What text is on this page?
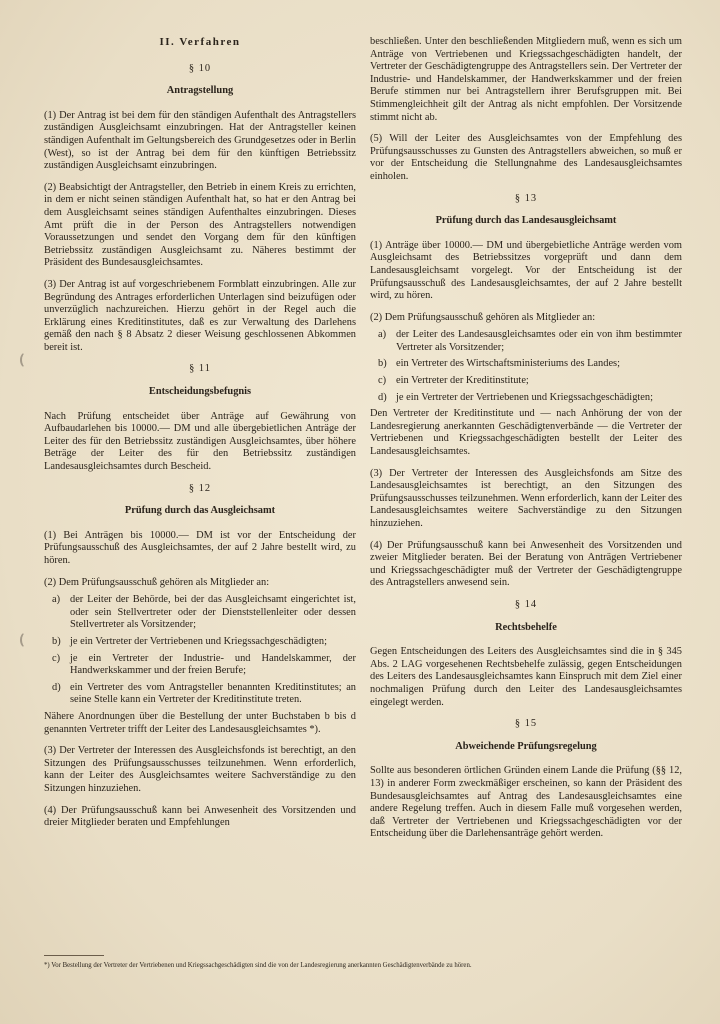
II. Verfahren
§ 10
Antragstellung

(1) Der Antrag ist bei dem für den ständigen Aufenthalt des Antragstellers zuständigen Ausgleichsamt einzubringen. Hat der Antragsteller keinen ständigen Aufenthalt im Geltungsbereich des Grundgesetzes oder in Berlin (West), so ist der Antrag bei dem für den künftigen Betriebssitz zuständigen Ausgleichsamt einzubringen.

(2) Beabsichtigt der Antragsteller, den Betrieb in einem Kreis zu errichten, in dem er nicht seinen ständigen Aufenthalt hat, so hat er den Antrag bei dem Ausgleichsamt seines ständigen Aufenthaltes einzubringen. Dieses Amt prüft die in der Person des Antragstellers notwendigen Voraussetzungen und sendet den Vorgang dem für den künftigen Betriebssitz zuständigen Ausgleichsamt zu. Näheres bestimmt der Präsident des Bundesausgleichsamtes.

(3) Der Antrag ist auf vorgeschriebenem Formblatt einzubringen. Alle zur Begründung des Antrages erforderlichen Unterlagen sind beizufügen oder unverzüglich nachzureichen. Hierzu gehört in der Regel auch die Erklärung eines Kreditinstitutes, daß es zur Verwaltung des Darlehens gemäß den nach § 8 Absatz 2 dieser Weisung geschlossenen Abkommen bereit ist.

§ 11
Entscheidungsbefugnis

Nach Prüfung entscheidet über Anträge auf Gewährung von Aufbaudarlehen bis 10000.— DM und alle übergebietlichen Anträge der Leiter des für den Betriebssitz zuständigen Ausgleichsamtes, über höhere Beträge der Leiter des für den Betriebssitz zuständigen Landesausgleichsamtes durch Bescheid.

§ 12
Prüfung durch das Ausgleichsamt

(1) Bei Anträgen bis 10000.— DM ist vor der Entscheidung der Prüfungsausschuß des Ausgleichsamtes, der auf 2 Jahre bestellt wird, zu hören.

(2) Dem Prüfungsausschuß gehören als Mitglieder an:

a) der Leiter der Behörde, bei der das Ausgleichsamt eingerichtet ist, oder sein Stellvertreter oder der Dienststellenleiter oder dessen Stellvertreter als Vorsitzender;
b) je ein Vertreter der Vertriebenen und Kriegssachgeschädigten;
c) je ein Vertreter der Industrie- und Handelskammer, der Handwerkskammer und der freien Berufe;
d) ein Vertreter des vom Antragsteller benannten Kreditinstitutes; an seine Stelle kann ein Vertreter der Kreditinstitute treten.

Nähere Anordnungen über die Bestellung der unter Buchstaben b bis d genannten Vertreter trifft der Leiter des Landesausgleichsamtes *).

(3) Der Vertreter der Interessen des Ausgleichsfonds ist berechtigt, an den Sitzungen des Prüfungsausschusses teilzunehmen. Wenn erforderlich, kann der Leiter des Ausgleichsamtes weitere Sachverständige zu den Sitzungen hinzuziehen.

(4) Der Prüfungsausschuß kann bei Anwesenheit des Vorsitzenden und dreier Mitglieder beraten und Empfehlungen

beschließen. Unter den beschließenden Mitgliedern muß, wenn es sich um Anträge von Vertriebenen und Kriegssachgeschädigten handelt, der Vertreter der Geschädigtengruppe des Antragstellers sein. Der Vertreter der Industrie- und Handelskammer, der Handwerkskammer und der freien Berufe stimmen nur bei Antragstellern ihrer Berufsgruppen mit. Bei Stimmengleichheit gilt der Antrag als nicht empfohlen. Der Vorsitzende stimmt nicht ab.

(5) Will der Leiter des Ausgleichsamtes von der Empfehlung des Prüfungsausschusses zu Gunsten des Antragstellers abweichen, so muß er vor der Entscheidung die Stellungnahme des Landesausgleichsamtes einholen.

§ 13
Prüfung durch das Landesausgleichsamt

(1) Anträge über 10000.— DM und übergebietliche Anträge werden vom Ausgleichsamt des Betriebssitzes vorgeprüft und dann dem Landesausgleichsamt vorgelegt. Vor der Entscheidung ist der Prüfungsausschuß des Landesausgleichsamtes, der auf 2 Jahre bestellt wird, zu hören.

(2) Dem Prüfungsausschuß gehören als Mitglieder an:

a) der Leiter des Landesausgleichsamtes oder ein von ihm bestimmter Vertreter als Vorsitzender;
b) ein Vertreter des Wirtschaftsministeriums des Landes;
c) ein Vertreter der Kreditinstitute;
d) je ein Vertreter der Vertriebenen und Kriegssachgeschädigten;

Den Vertreter der Kreditinstitute und — nach Anhörung der von der Landesregierung anerkannten Geschädigtenverbände — die Vertreter der Vertriebenen und Kriegssachgeschädigten bestellt der Leiter des Landesausgleichsamtes.

(3) Der Vertreter der Interessen des Ausgleichsfonds am Sitze des Landesausgleichsamtes ist berechtigt, an den Sitzungen des Prüfungsausschusses teilzunehmen. Wenn erforderlich, kann der Leiter des Landesausgleichsamtes weitere Sachverständige zu den Sitzungen hinzuziehen.

(4) Der Prüfungsausschuß kann bei Anwesenheit des Vorsitzenden und zweier Mitglieder beraten. Bei der Beratung von Anträgen Vertriebener und Kriegssachgeschädigter muß der Vertreter der Geschädigtengruppe des Antragstellers anwesend sein.

§ 14
Rechtsbehelfe

Gegen Entscheidungen des Leiters des Ausgleichsamtes sind die in § 345 Abs. 2 LAG vorgesehenen Rechtsbehelfe zulässig, gegen Entscheidungen des Leiters des Landesausgleichsamtes kann Einspruch mit dem Ziel einer nochmaligen Prüfung durch den Leiter des Landesausgleichsamtes eingelegt werden.

§ 15
Abweichende Prüfungsregelung

Sollte aus besonderen örtlichen Gründen einem Lande die Prüfung (§§ 12, 13) in anderer Form zweckmäßiger erscheinen, so kann der Präsident des Bundesausgleichsamtes auf Antrag des Landesausgleichsamtes eine andere Regelung treffen. Auch in diesem Falle muß vorgesehen werden, daß Vertreter der Vertriebenen und Kriegssachgeschädigten vor der Entscheidung über die Darlehensanträge gehört werden.

*) Vor Bestellung der Vertreter der Vertriebenen und Kriegssachgeschädigten sind die von der Landesregierung anerkannten Geschädigtenverbände zu hören.
